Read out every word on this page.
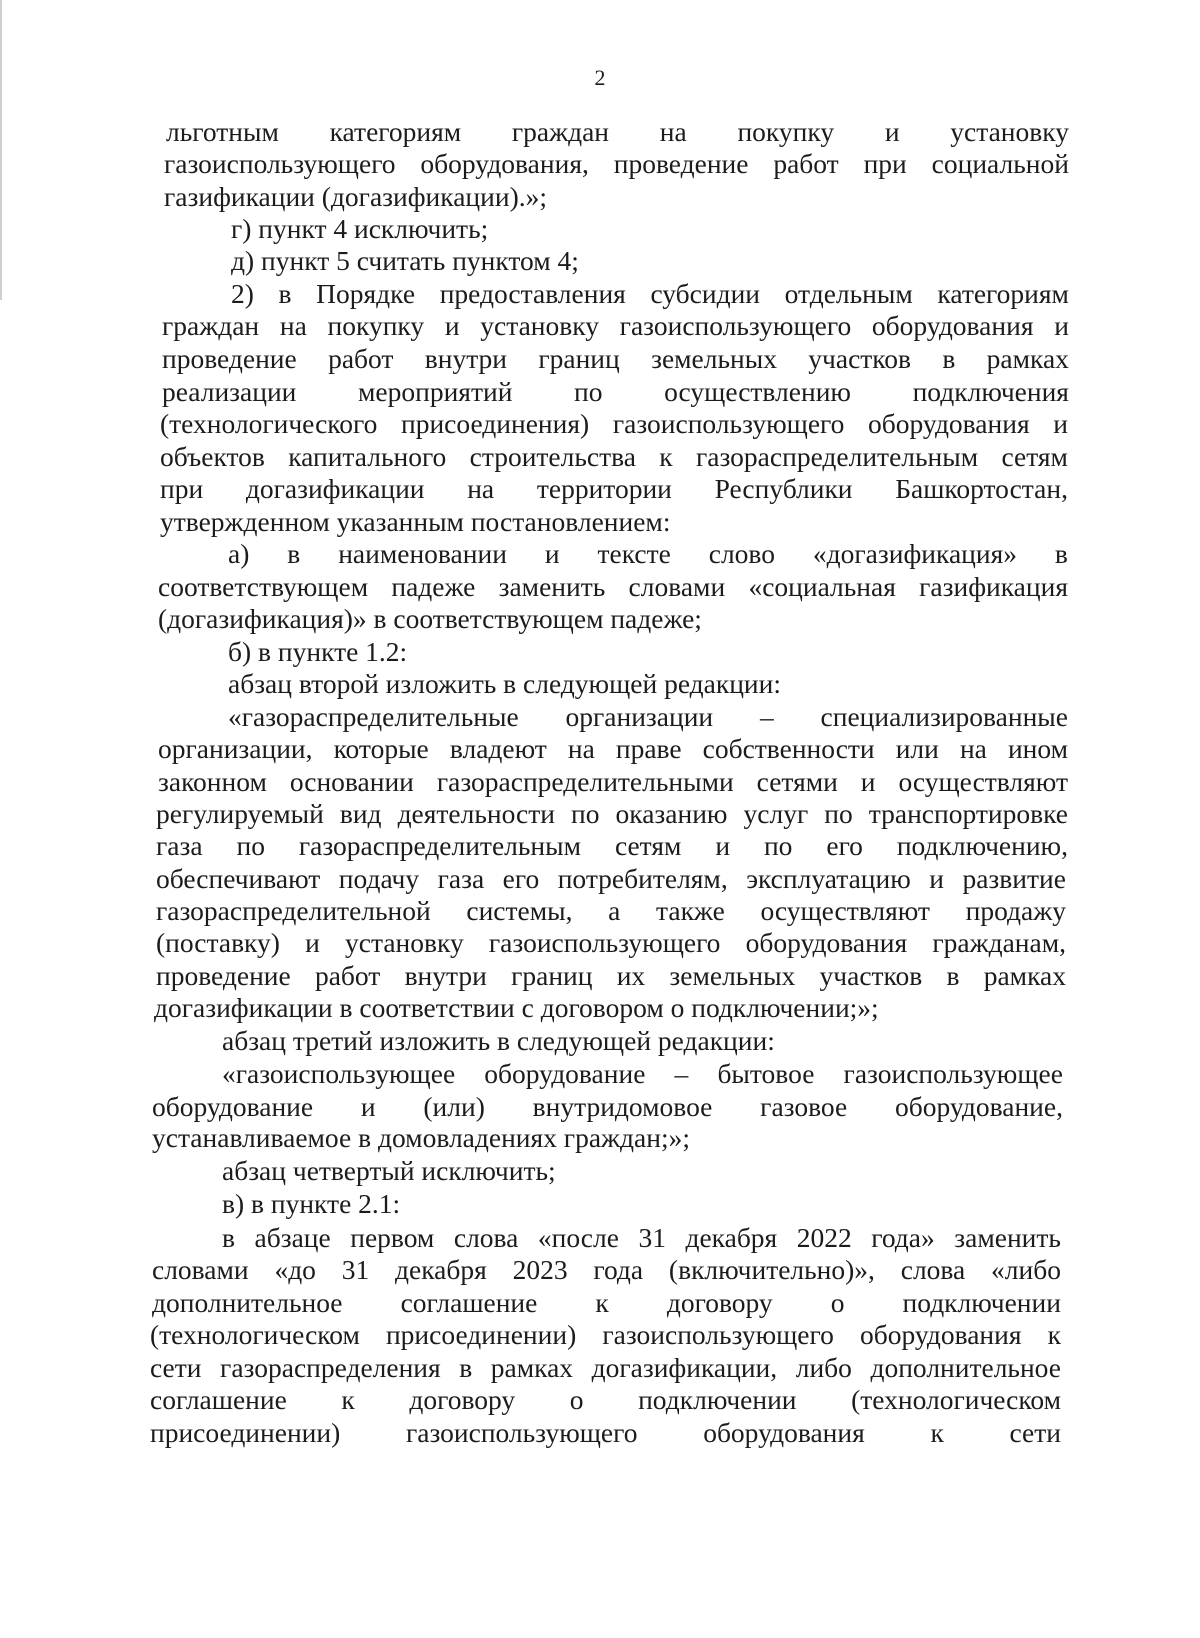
2
льготным категориям граждан на покупку и установку
газоиспользующего оборудования, проведение работ при социальной
газификации (догазификации).»;
г) пункт 4 исключить;
д) пункт 5 считать пунктом 4;
2) в Порядке предоставления субсидии отдельным категориям
граждан на покупку и установку газоиспользующего оборудования и
проведение работ внутри границ земельных участков в рамках
реализации мероприятий по осуществлению подключения
(технологического присоединения) газоиспользующего оборудования и
объектов капитального строительства к газораспределительным сетям
при догазификации на территории Республики Башкортостан,
утвержденном указанным постановлением:
а) в наименовании и тексте слово «догазификация» в
соответствующем падеже заменить словами «социальная газификация
(догазификация)» в соответствующем падеже;
б) в пункте 1.2:
абзац второй изложить в следующей редакции:
«газораспределительные организации – специализированные
организации, которые владеют на праве собственности или на ином
законном основании газораспределительными сетями и осуществляют
регулируемый вид деятельности по оказанию услуг по транспортировке
газа по газораспределительным сетям и по его подключению,
обеспечивают подачу газа его потребителям, эксплуатацию и развитие
газораспределительной системы, а также осуществляют продажу
(поставку) и установку газоиспользующего оборудования гражданам,
проведение работ внутри границ их земельных участков в рамках
догазификации в соответствии с договором о подключении;»;
абзац третий изложить в следующей редакции:
«газоиспользующее оборудование – бытовое газоиспользующее
оборудование и (или) внутридомовое газовое оборудование,
устанавливаемое в домовладениях граждан;»;
абзац четвертый исключить;
в) в пункте 2.1:
в абзаце первом слова «после 31 декабря 2022 года» заменить
словами «до 31 декабря 2023 года (включительно)», слова «либо
дополнительное соглашение к договору о подключении
(технологическом присоединении) газоиспользующего оборудования к
сети газораспределения в рамках догазификации, либо дополнительное
соглашение к договору о подключении (технологическом
присоединении) газоиспользующего оборудования к сети
